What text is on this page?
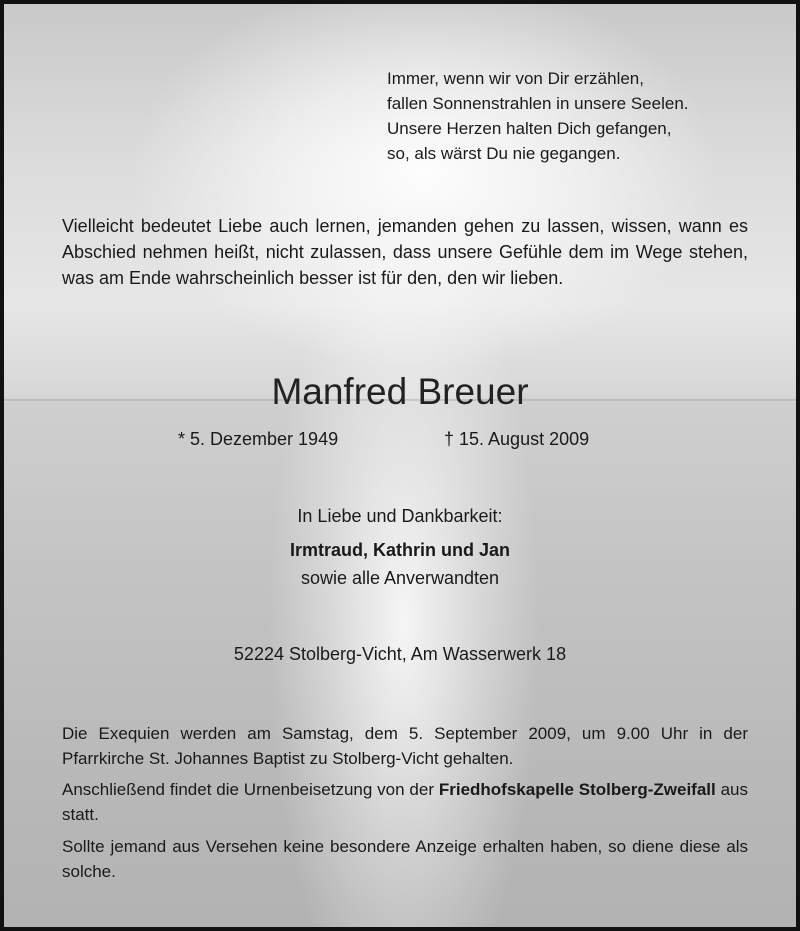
Immer, wenn wir von Dir erzählen,
fallen Sonnenstrahlen in unsere Seelen.
Unsere Herzen halten Dich gefangen,
so, als wärst Du nie gegangen.
Vielleicht bedeutet Liebe auch lernen, jemanden gehen zu lassen, wissen, wann es Abschied nehmen heißt, nicht zulassen, dass unsere Gefühle dem im Wege stehen, was am Ende wahrscheinlich besser ist für den, den wir lieben.
Manfred Breuer
* 5. Dezember 1949	† 15. August 2009
In Liebe und Dankbarkeit:
Irmtraud, Kathrin und Jan
sowie alle Anverwandten
52224 Stolberg-Vicht, Am Wasserwerk 18
Die Exequien werden am Samstag, dem 5. September 2009, um 9.00 Uhr in der Pfarrkirche St. Johannes Baptist zu Stolberg-Vicht gehalten.
Anschließend findet die Urnenbeisetzung von der Friedhofskapelle Stolberg-Zweifall aus statt.
Sollte jemand aus Versehen keine besondere Anzeige erhalten haben, so diene diese als solche.
